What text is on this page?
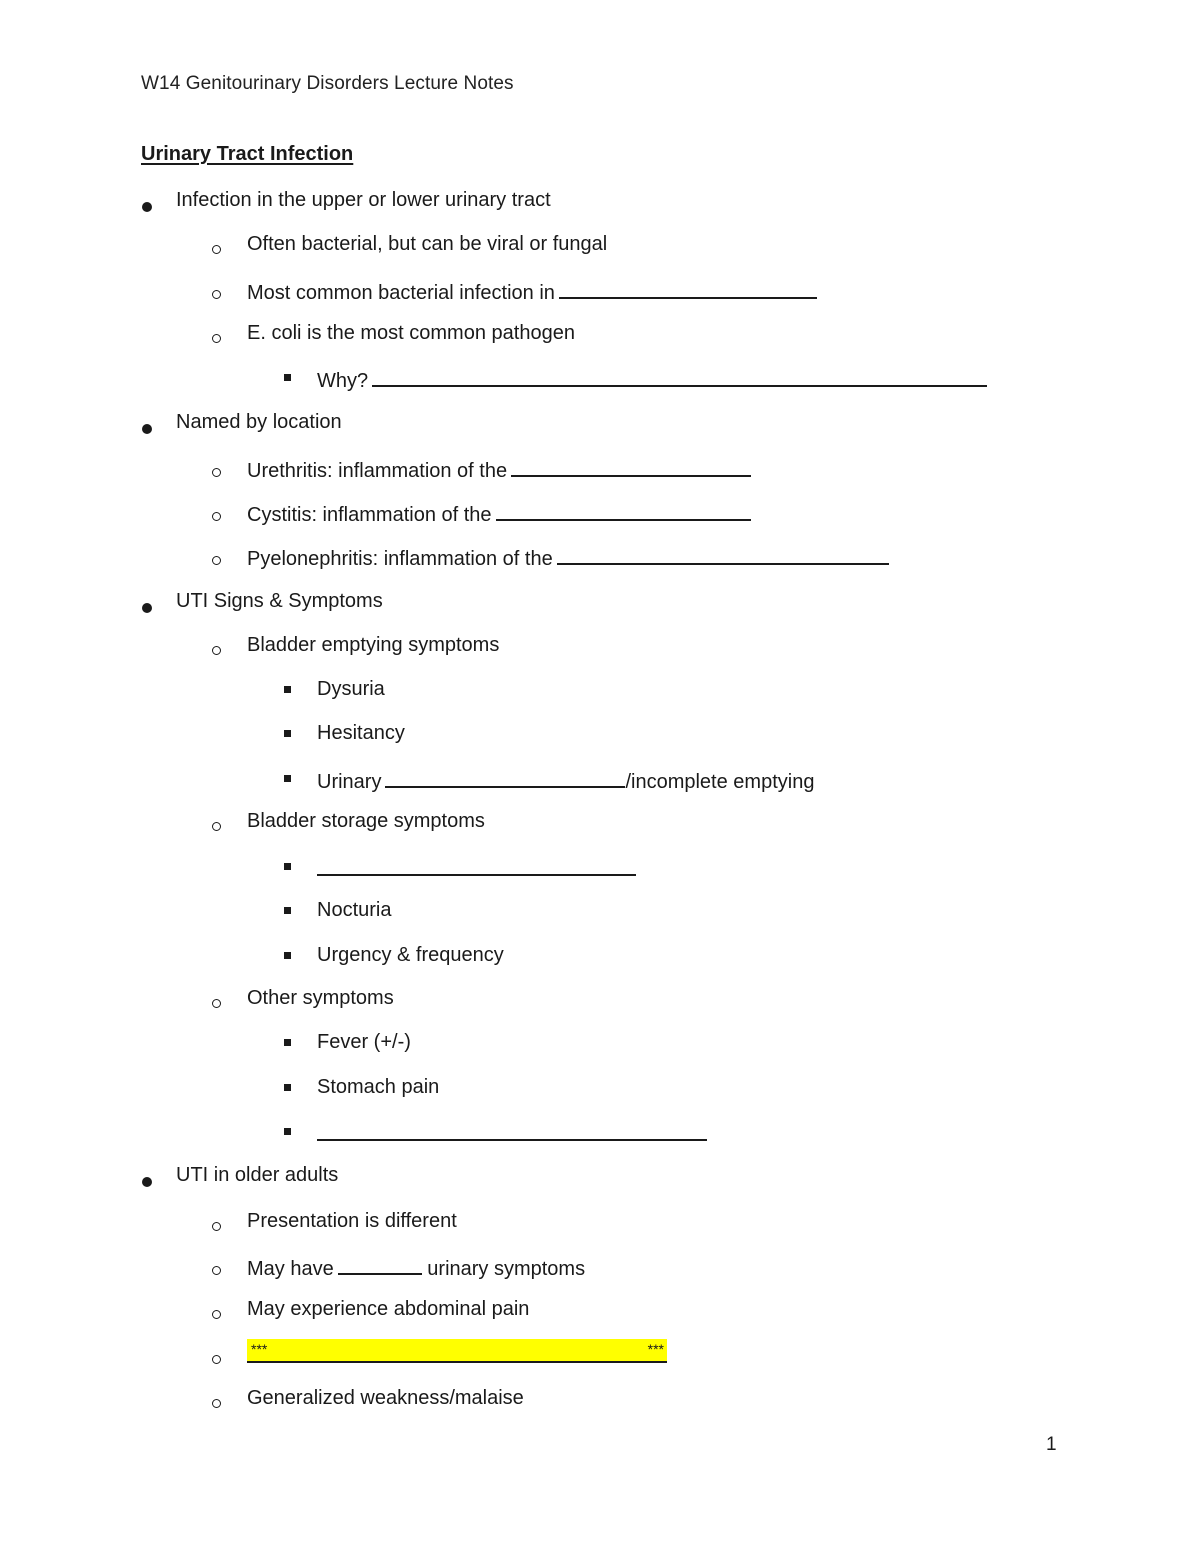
W14 Genitourinary Disorders Lecture Notes
Urinary Tract Infection
Infection in the upper or lower urinary tract
Often bacterial, but can be viral or fungal
Most common bacterial infection in
E. coli is the most common pathogen
Why?
Named by location
Urethritis: inflammation of the
Cystitis: inflammation of the
Pyelonephritis: inflammation of the
UTI Signs & Symptoms
Bladder emptying symptoms
Dysuria
Hesitancy
Urinary	/incomplete emptying
Bladder storage symptoms
Nocturia
Urgency & frequency
Other symptoms
Fever (+/-)
Stomach pain
UTI in older adults
Presentation is different
May have	urinary symptoms
May experience abdominal pain
***	***
Generalized weakness/malaise
1
